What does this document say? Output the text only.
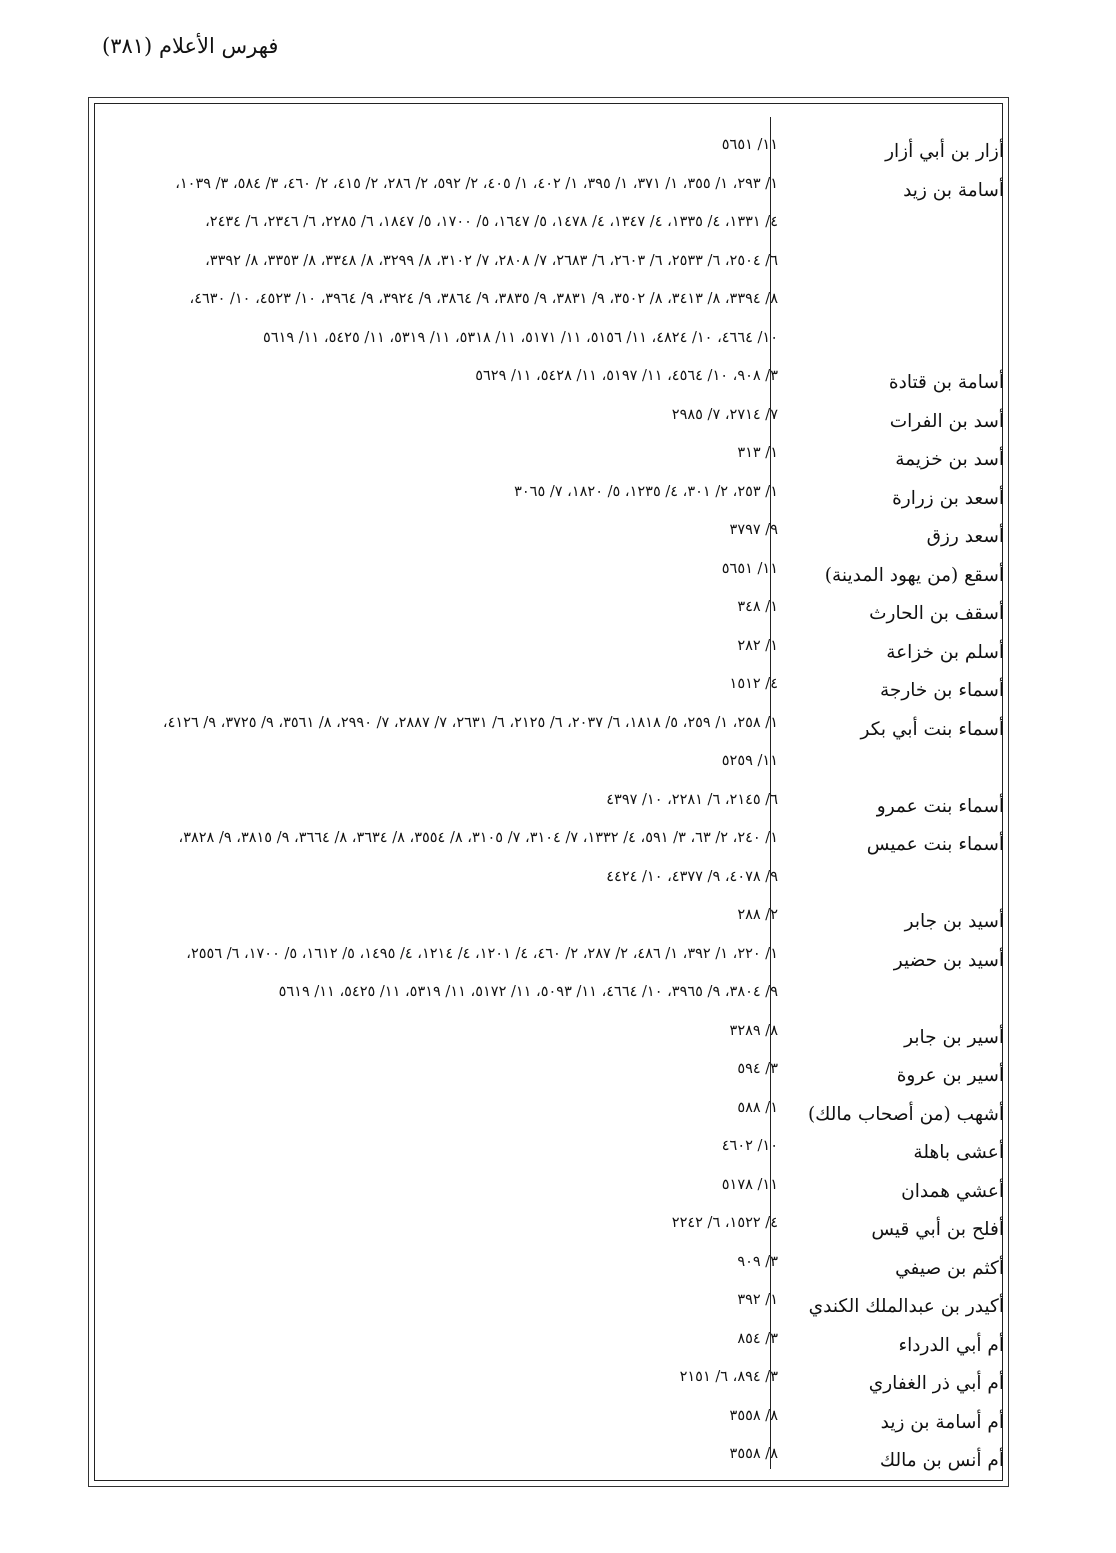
فهرس الأعلام (٣٨١)
أزار بن أبي أزار
١١/ ٥٦٥١
أسامة بن زيد
١/ ٢٩٣، ١/ ٣٥٥، ١/ ٣٧١، ١/ ٣٩٥، ١/ ٤٠٢، ١/ ٤٠٥، ٢/ ٥٩٢، ٢/ ٢٨٦، ٢/ ٤١٥، ٢/ ٤٦٠، ٣/ ٥٨٤، ٣/ ١٠٣٩،
٤/ ١٣٣١، ٤/ ١٣٣٥، ٤/ ١٣٤٧، ٤/ ١٤٧٨، ٥/ ١٦٤٧، ٥/ ١٧٠٠، ٥/ ١٨٤٧، ٦/ ٢٢٨٥، ٦/ ٢٣٤٦، ٦/ ٢٤٣٤،
٦/ ٢٥٠٤، ٦/ ٢٥٣٣، ٦/ ٢٦٠٣، ٦/ ٢٦٨٣، ٧/ ٢٨٠٨، ٧/ ٣١٠٢، ٨/ ٣٢٩٩، ٨/ ٣٣٤٨، ٨/ ٣٣٥٣، ٨/ ٣٣٩٢،
٨/ ٣٣٩٤، ٨/ ٣٤١٣، ٨/ ٣٥٠٢، ٩/ ٣٨٣١، ٩/ ٣٨٣٥، ٩/ ٣٨٦٤، ٩/ ٣٩٢٤، ٩/ ٣٩٦٤، ١٠/ ٤٥٢٣، ١٠/ ٤٦٣٠،
١٠/ ٤٦٦٤، ١٠/ ٤٨٢٤، ١١/ ٥١٥٦، ١١/ ٥١٧١، ١١/ ٥٣١٨، ١١/ ٥٣١٩، ١١/ ٥٤٢٥، ١١/ ٥٦١٩
أسامة بن قتادة
٣/ ٩٠٨، ١٠/ ٤٥٦٤، ١١/ ٥١٩٧، ١١/ ٥٤٢٨، ١١/ ٥٦٢٩
أسد بن الفرات
٧/ ٢٧١٤، ٧/ ٢٩٨٥
أسد بن خزيمة
١/ ٣١٣
أسعد بن زرارة
١/ ٢٥٣، ٢/ ٣٠١، ٤/ ١٢٣٥، ٥/ ١٨٢٠، ٧/ ٣٠٦٥
أسعد رزق
٩/ ٣٧٩٧
أسقع (من يهود المدينة)
١١/ ٥٦٥١
أسقف بن الحارث
١/ ٣٤٨
أسلم بن خزاعة
١/ ٢٨٢
أسماء بن خارجة
٤/ ١٥١٢
أسماء بنت أبي بكر
١/ ٢٥٨، ١/ ٢٥٩، ٥/ ١٨١٨، ٦/ ٢٠٣٧، ٦/ ٢١٢٥، ٦/ ٢٦٣١، ٧/ ٢٨٨٧، ٧/ ٢٩٩٠، ٨/ ٣٥٦١، ٩/ ٣٧٢٥، ٩/ ٤١٢٦،
١١/ ٥٢٥٩
أسماء بنت عمرو
٦/ ٢١٤٥، ٦/ ٢٢٨١، ١٠/ ٤٣٩٧
أسماء بنت عميس
١/ ٢٤٠، ٢/ ٦٣، ٣/ ٥٩١، ٤/ ١٣٣٢، ٧/ ٣١٠٤، ٧/ ٣١٠٥، ٨/ ٣٥٥٤، ٨/ ٣٦٣٤، ٨/ ٣٦٦٤، ٩/ ٣٨١٥، ٩/ ٣٨٢٨،
٩/ ٤٠٧٨، ٩/ ٤٣٧٧، ١٠/ ٤٤٢٤
أسيد بن جابر
٢/ ٢٨٨
أسيد بن حضير
١/ ٢٢٠، ١/ ٣٩٢، ١/ ٤٨٦، ٢/ ٢٨٧، ٢/ ٤٦٠، ٤/ ١٢٠١، ٤/ ١٢١٤، ٤/ ١٤٩٥، ٥/ ١٦١٢، ٥/ ١٧٠٠، ٦/ ٢٥٥٦،
٩/ ٣٨٠٤، ٩/ ٣٩٦٥، ١٠/ ٤٦٦٤، ١١/ ٥٠٩٣، ١١/ ٥١٧٢، ١١/ ٥٣١٩، ١١/ ٥٤٢٥، ١١/ ٥٦١٩
أسير بن جابر
٨/ ٣٢٨٩
أسير بن عروة
٣/ ٥٩٤
أشهب (من أصحاب مالك)
١/ ٥٨٨
أعشى باهلة
١٠/ ٤٦٠٢
أعشي همدان
١١/ ٥١٧٨
أفلح بن أبي قيس
٤/ ١٥٢٢، ٦/ ٢٢٤٢
أكثم بن صيفي
٣/ ٩٠٩
أكيدر بن عبدالملك الكندي
١/ ٣٩٢
أم أبي الدرداء
٣/ ٨٥٤
أم أبي ذر الغفاري
٣/ ٨٩٤، ٦/ ٢١٥١
أم أسامة بن زيد
٨/ ٣٥٥٨
أم أنس بن مالك
٨/ ٣٥٥٨
